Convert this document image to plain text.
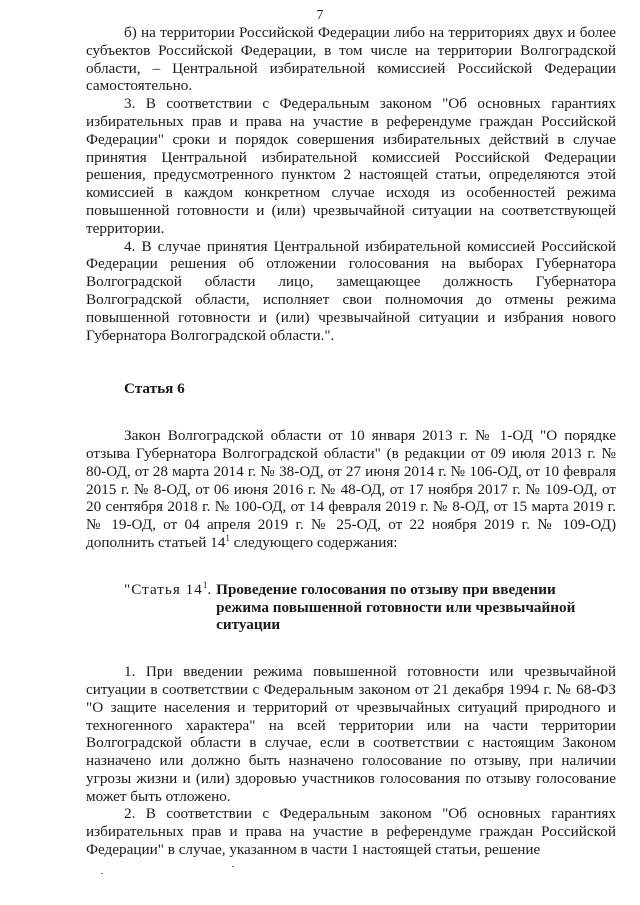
7

б) на территории Российской Федерации либо на территориях двух и более субъектов Российской Федерации, в том числе на территории Волгоградской области, – Центральной избирательной комиссией Российской Федерации самостоятельно.

3. В соответствии с Федеральным законом "Об основных гарантиях избирательных прав и права на участие в референдуме граждан Российской Федерации" сроки и порядок совершения избирательных действий в случае принятия Центральной избирательной комиссией Российской Федерации решения, предусмотренного пунктом 2 настоящей статьи, определяются этой комиссией в каждом конкретном случае исходя из особенностей режима повышенной готовности и (или) чрезвычайной ситуации на соответствующей территории.

4. В случае принятия Центральной избирательной комиссией Российской Федерации решения об отложении голосования на выборах Губернатора Волгоградской области лицо, замещающее должность Губернатора Волгоградской области, исполняет свои полномочия до отмены режима повышенной готовности и (или) чрезвычайной ситуации и избрания нового Губернатора Волгоградской области.".

Статья 6

Закон Волгоградской области от 10 января 2013 г. № 1-ОД "О порядке отзыва Губернатора Волгоградской области" (в редакции от 09 июля 2013 г. № 80-ОД, от 28 марта 2014 г. № 38-ОД, от 27 июня 2014 г. № 106-ОД, от 10 февраля 2015 г. № 8-ОД, от 06 июня 2016 г. № 48-ОД, от 17 ноября 2017 г. № 109-ОД, от 20 сентября 2018 г. № 100-ОД, от 14 февраля 2019 г. № 8-ОД, от 15 марта 2019 г. № 19-ОД, от 04 апреля 2019 г. № 25-ОД, от 22 ноября 2019 г. № 109-ОД) дополнить статьей $14^1$ следующего содержания:

"Статья $14^1$. Проведение голосования по отзыву при введении
режима повышенной готовности или чрезвычайной
ситуации

1. При введении режима повышенной готовности или чрезвычайной ситуации в соответствии с Федеральным законом от 21 декабря 1994 г. № 68-ФЗ "О защите населения и территорий от чрезвычайных ситуаций природного и техногенного характера" на всей территории или на части территории Волгоградской области в случае, если в соответствии с настоящим Законом назначено или должно быть назначено голосование по отзыву, при наличии угрозы жизни и (или) здоровью участников голосования по отзыву голосование может быть отложено.

2. В соответствии с Федеральным законом "Об основных гарантиях избирательных прав и права на участие в референдуме граждан Российской Федерации" в случае, указанном в части 1 настоящей статьи, решение
